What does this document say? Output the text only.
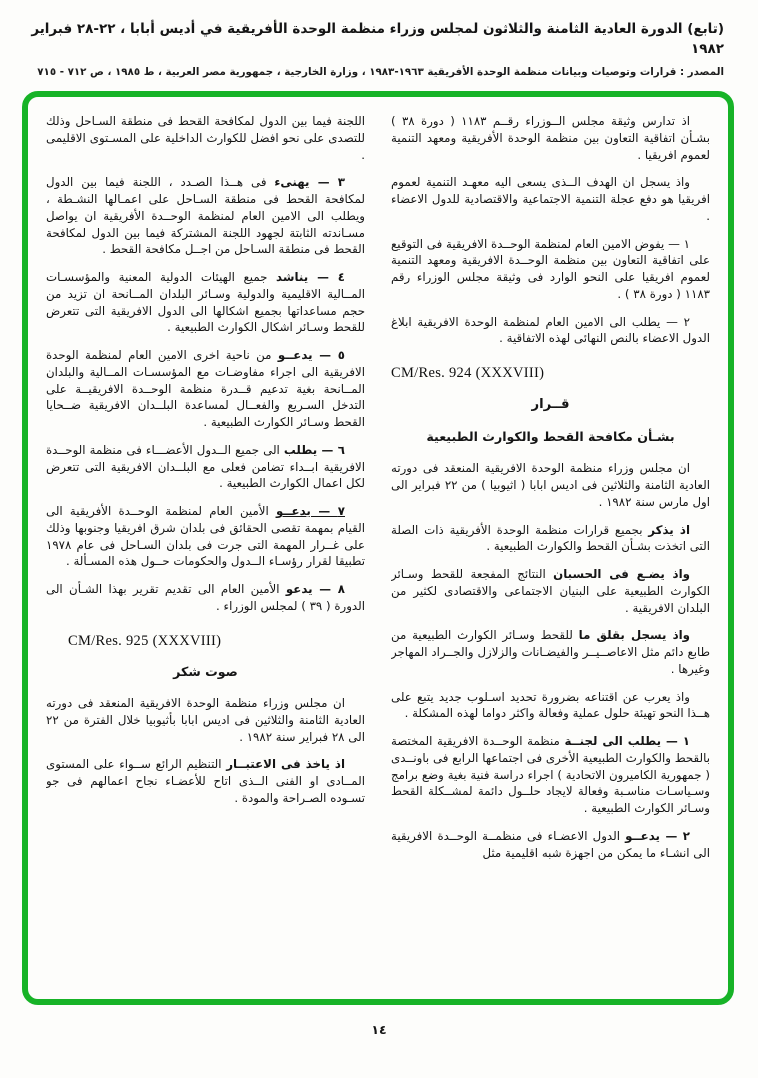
(تابع) الدورة العادية الثامنة والثلاثون لمجلس وزراء منظمة الوحدة الأفريقية في أديس أبابا ، ٢٢-٢٨ فبراير ١٩٨٢
المصدر : قرارات وتوصيات وبيانات منظمة الوحدة الأفريقية ١٩٦٣-١٩٨٣ ، وزارة الخارجية ، جمهورية مصر العربية ، ط ١٩٨٥ ، ص ٧١٢ - ٧١٥

اذ تدارس وثيقة مجلس الــوزراء رقــم ١١٨٣ ( دورة ٣٨ ) بشـأن اتفاقية التعاون بين منظمة الوحدة الأفريقية ومعهد التنمية لعموم افريقيا .

واذ يسجل ان الهدف الــذى يسعى اليه معهـد التنمية لعموم افريقيا هو دفع عجلة التنمية الاجتماعية والاقتصادية للدول الاعضاء .

١ — يفوض الامين العام لمنظمة الوحــدة الافريقية فى التوقيع على اتفاقية التعاون بين منظمة الوحــدة الافريقية ومعهد التنمية لعموم افريقيا على النحو الوارد فى وثيقة مجلس الوزراء رقم ١١٨٣ ( دورة ٣٨ ) .

٢ — يطلب الى الامين العام لمنظمة الوحدة الافريقية ابلاغ الدول الاعضاء بالنص النهائى لهذه الاتفاقية .

CM/Res. 924 (XXXVIII)
قــرار
بشـأن مكافحة القحط والكوارث الطبيعية

ان مجلس وزراء منظمة الوحدة الافريقية المنعقد فى دورته العادية الثامنة والثلاثين فى اديس ابابا ( اثيوبيا ) من ٢٢ فبراير الى اول مارس سنة ١٩٨٢ .

اذ يذكر بجميع قرارات منظمة الوحدة الأفريقية ذات الصلة التى اتخذت بشـأن القحط والكوارث الطبيعية .

واذ يضـع فى الحسبان النتائج المفجعة للقحط وسـائر الكوارث الطبيعية على البنيان الاجتماعى والاقتصادى لكثير من البلدان الافريقية .

واذ يسجل بقلق ما للقحط وسـائر الكوارث الطبيعية من طابع دائم مثل الاعاصــيــر والفيضـانات والزلازل والجــراد المهاجر وغيرها .

واذ يعرب عن اقتناعه بضرورة تحديد اسـلوب جديد يتبع على هــذا النحو تهيئة حلول عملية وفعالة واكثر دواما لهذه المشكلة .

١ — يطلب الى لجنــة منظمة الوحــدة الافريقية المختصة بالقحط والكوارث الطبيعية الأخرى فى اجتماعها الرابع فى باونــدى ( جمهورية الكاميرون الاتحادية ) اجراء دراسة فنية بغية وضع برامج وسـياسـات مناسـبة وفعالة لايجاد حلــول دائمة لمشــكلة القحط وسـائر الكوارث الطبيعية .

٢ — يدعــو الدول الاعضـاء فى منظمــة الوحــدة الافريقية الى انشـاء ما يمكن من اجهزة شبه اقليمية مثل

اللجنة فيما بين الدول لمكافحة القحط فى منطقة السـاحل وذلك للتصدى على نحو افضل للكوارث الداخلية على المسـتوى الاقليمى .

٣ — يهنىء فى هــذا الصـدد ، اللجنة فيما بين الدول لمكافحة القحط فى منطقة السـاحل على اعمـالها النشـطة ، ويطلب الى الامين العام لمنظمة الوحــدة الأفريقية ان يواصل مسـاندته الثابتة لجهود اللجنة المشتركة فيما بين الدول لمكافحة القحط فى منطقة السـاحل من اجــل مكافحة القحط .

٤ — يناشد جميع الهيئات الدولية المعنية والمؤسسـات المــالية الاقليمية والدولية وسـائر البلدان المــانحة ان تزيد من حجم مساعداتها بجميع اشكالها الى الدول الافريقية التى تتعرض للقحط وسـائر اشكال الكوارث الطبيعية .

٥ — يدعــو من ناحية اخرى الامين العام لمنظمة الوحدة الافريقية الى اجراء مفاوضـات مع المؤسسـات المــالية والبلدان المــانحة بغية تدعيم قــدرة منظمة الوحــدة الافريقيــة على التدخل السـريع والفعــال لمساعدة البلــدان الافريقية ضــحايا القحط وسـائر الكوارث الطبيعية .

٦ — يطلب الى جميع الــدول الأعضـــاء فى منظمة الوحــدة الافريقية ابــداء تضامن فعلى مع البلــدان الافريقية التى تتعرض لكل اعمال الكوارث الطبيعية .

٧ — يدعــو الأمين العام لمنظمة الوحــدة الأفريقية الى القيام بمهمة تقصى الحقائق فى بلدان شرق افريقيا وجنوبها وذلك على غــرار المهمة التى جرت فى بلدان السـاحل فى عام ١٩٧٨ تطبيقا لقرار رؤسـاء الــدول والحكومات حــول هذه المسـألة .

٨ — يدعو الأمين العام الى تقديم تقرير بهذا الشـأن الى الدورة ( ٣٩ ) لمجلس الوزراء .

CM/Res. 925 (XXXVIII)
صوت شكر

ان مجلس وزراء منظمة الوحدة الافريقية المنعقد فى دورته العادية الثامنة والثلاثين فى اديس ابابا بأثيوبيا خلال الفترة من ٢٢ الى ٢٨ فبراير سنة ١٩٨٢ .

اذ ياخذ فى الاعتبــار التنظيم الرائع ســواء على المستوى المــادى او الفنى الــذى اتاح للأعضـاء نجاح اعمالهم فى جو تسـوده الصـراحة والمودة .

١٤
